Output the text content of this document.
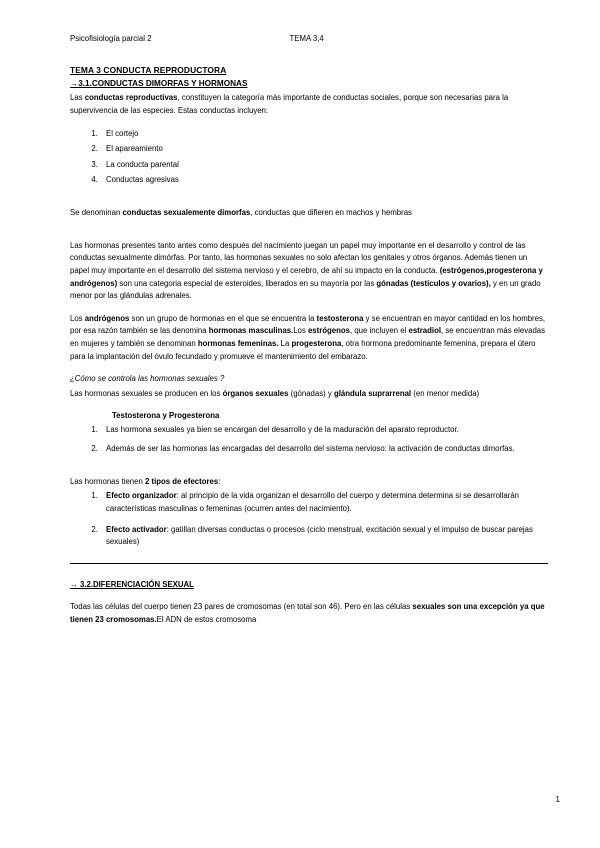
Psicofisiología parcial 2	TEMA 3,4
TEMA 3 CONDUCTA REPRODUCTORA
→3.1.CONDUCTAS DIMORFAS Y HORMONAS

Las conductas reproductivas, constituyen la categoría más importante de conductas sociales, porque son necesarias para la supervivencia de las especies. Estas conductas incluyen:

1. El cortejo
2. El apareamiento
3. La conducta parental
4. Conductas agresivas

Se denominan conductas sexualemente dimorfas, conductas que difieren en machos y hembras

Las hormonas presentes tanto antes como después del nacimiento juegan un papel muy importante en el desarrollo y control de las conductas sexualmente dimórfas. Por tanto, las hormonas sexuales no solo afectan los genitales y otros órganos. Además tienen un papel muy importante en el desarrollo del sistema nervioso y el cerebro, de ahí su impacto en la conducta. (estrógenos,progesterona y andrógenos) son una categoria especial de esteroides, liberados en su mayoría por las gónadas (testículos y ovarios), y en un grado menor por las glándulas adrenales.

Los andrógenos son un grupo de hormonas en el que se encuentra la testosterona y se encuentran en mayor cantidad en los hombres, por esa razón también se las denomina hormonas masculinas.Los estrógenos, que incluyen el estradiol, se encuentran más elevadas en mujeres y también se denominan hormonas femeninas. La progesterona, otra hormona predominante femenina, prepara el útero para la implantación del óvulo fecundado y promueve el mantenimiento del embarazo.

¿Cómo se controla las hormonas sexuales ?

Las hormonas sexuales se producen en los órganos sexuales (gónadas) y glándula suprarrenal (en menor medida)

Testosterona y Progesterona
1. Las hormona sexuales ya bien se encargan del desarrollo y de la maduración del aparato reproductor.
2. Además de ser las hormonas las encargadas del desarrollo del sistema nervioso: la activación de conductas dimorfas.

Las hormonas tienen 2 tipos de efectores:

1. Efecto organizador: al principio de la vida organizan el desarrollo del cuerpo y determina determina si se desarrollarán características masculinas o femeninas (ocurren antes del nacimiento).
2. Efecto activador: gatillan diversas conductas o procesos (ciclo menstrual, excitación sexual y el impulso de buscar parejas sexuales)
→ 3.2.DIFERENCIACIÓN SEXUAL

Todas las células del cuerpo tienen 23 pares de cromosomas (en total son 46). Pero en las células sexuales son una excepción ya que tienen 23 cromosomas.El ADN de estos cromosoma

1
